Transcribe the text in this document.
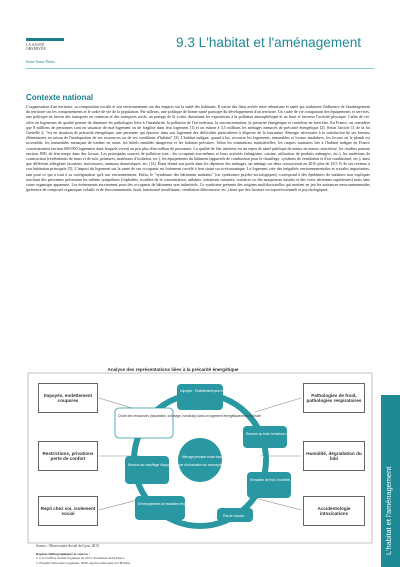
LA SANTÉ OBSERVÉE
Seine-Saint-Denis
9.3 L'habitat et l'aménagement
Contexte national

L'organisation d'un territoire, sa composition sociale et son environnement ont des impacts sur la santé des habitants. Il existe des liens avérés entre urbanisme et santé qui traduisent l'influence de l'aménagement du territoire sur les comportements et le cadre de vie de la population. Par ailleurs, une politique de bonne santé participe du développement d'un territoire. Un cadre de vie comportant des équipements et services, une politique en faveur des transports en commun et des transports actifs, un partage de la voirie, diminuent les expositions à la pollution atmosphérique et au bruit et favorise l'activité physique. Cadre de vie, offre en logements de qualité permet de diminuer les pathologies liées à l'insalubrité, la pollution de l'air intérieur, la surconcentration, la précarité énergétique et contribue au bien-être. En France, on considère que 8 millions de personnes sont en situation de mal-logement ou de fragilité dans leur logement [1] et on estime à 3,5 millions les ménages menacés de précarité énergétique [2]. Selon l'article 11 de la loi Grenelle 2, "est en situation de précarité énergétique, une personne qui éprouve dans son logement des difficultés particulières à disposer de la fourniture d'énergie nécessaire à la satisfaction de ses besoins élémentaires en raison de l'inadaptation de ses ressources ou de ses conditions d'habitat" [3]. L'habitat indigne, quand à lui, recouvre les logements, immeubles et locaux insalubres, les locaux où le plomb est accessible, les immeubles menaçant de tomber en ruine, les hôtels meublés dangereux et les habitats précaires. Selon les estimations ministérielles, les risques sanitaires liés à l'habitat indigne en France concerneraient environ 600 000 logements dans lesquels vivent un peu plus d'un million de personnes. La qualité de l'air intérieur est un enjeu de santé publique de mieux en mieux caractérisé, les citadins passant environ 80% de leur temps dans des locaux. Les principales sources de pollution sont : les occupants eux-mêmes et leurs activités (tabagisme, cuisine, utilisation de produits ménagers, etc.), les matériaux de construction (revêtements de murs et de sols, peintures, matériaux d'isolation, etc.), les équipements du bâtiment (appareils de combustion pour le chauffage, systèmes de ventilation et d'air conditionné, etc.), ainsi que différents allergènes (acariens, moisissures, animaux domestiques, etc.) [4]. Étant donné son poids dans les dépenses des ménages, un ménage sur deux consacrerait en 2010 plus de 18,5 % de ses revenus à son habitation principale [5]. L'impact du logement sur la santé de ses occupants est fortement corrélé à leur statut socio-économique. Le logement crée des inégalités environnementales et sociales importantes, tant pour ce qui a trait à sa configuration qu'à son environnement. Enfin, le "syndrome des bâtiments malsains" (ou syndromes psycho-sociologiques) correspond à des épidémies de malaises non expliqués touchant des personnes présentant les mêmes symptômes (céphalées, troubles de la concentration, asthénie, irritations cutanées, oculaires ou des muqueuses nasales et des voies aériennes supérieures) mais sans cause organique apparente. Les événements surviennent pour des occupants de bâtiments non industriels. Ce syndrome présente des origines multifactorielles qui mettent en jeu les nuisances environnementales (présence de composés organiques volatils et de biocontaminants, bruit, luminosité insuffisante, ventilation défectueuse, etc.) ainsi que des facteurs socioprofessionnels et psychologiques.

Analyse des représentations liées à la précarité énergétique
Impayés : Endettement puis restriction, système D, auto-coupure
Chute des ressources (séparation, chômage, handicap) dans un logement énergétiquement mal isolé
Recours au froid, fermeture des aérations
Sensation de froid, humidité, apparition de moisissures
Ménage précaire vivant dans un logement peu performant
Recours au chauffage d'appoint, risque d'intoxication au monoxyde...
Développement de maladies respiratoires (bronchites, asthme...)
Pas de travaux
Impayés, endettement coupures
Restrictions, privations perte de confort
Repli chez soi, isolement social
Pathologies de froid, pathologies respiratoires
Humidité, dégradation du bâti
Accidentologie intoxications
Source : Observatoire Social de Lyon, 2010
Repères bibliographiques et sources :
1. Les Chiffres du mal-logement en 2013. Fondation Abbé Pierre.
2. Enquête Nationale Logement, 2006. Agence Nationale de l'Habitat.
L'habitat et l'aménagement
